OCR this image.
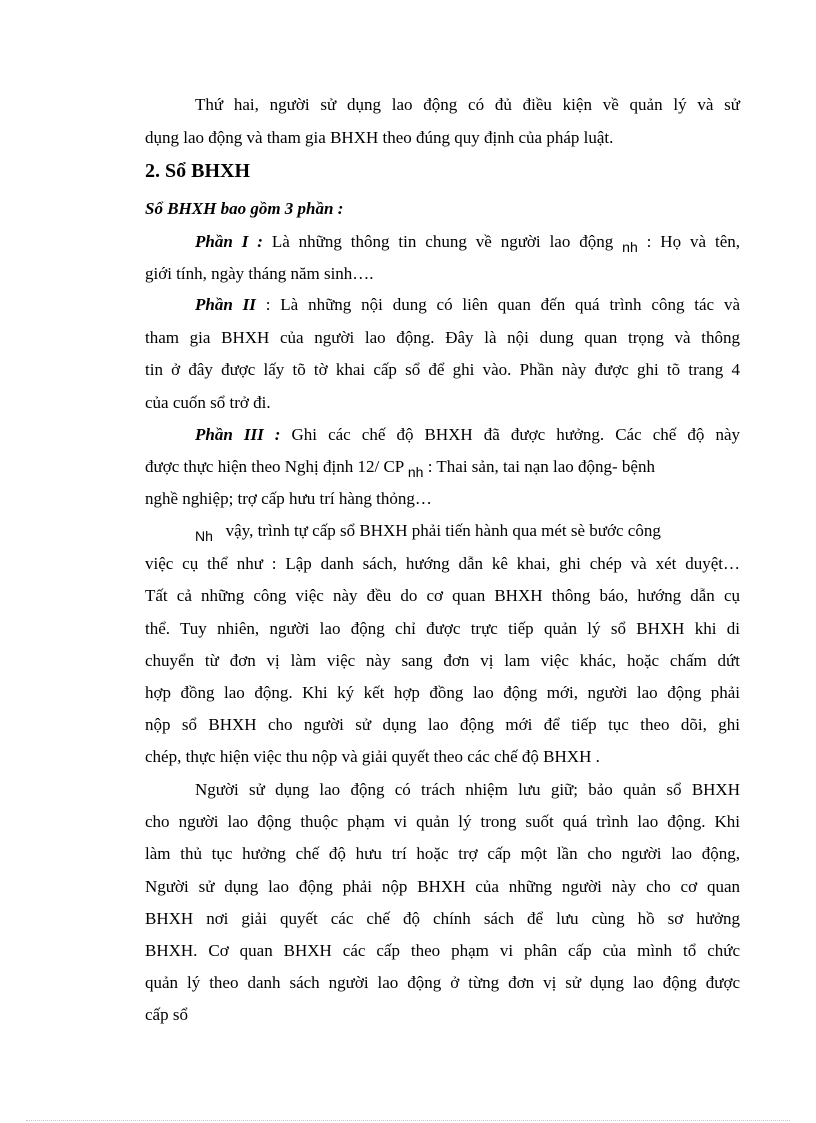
Thứ hai, người sử dụng lao động có đủ điều kiện về quản lý và sử
dụng lao động và tham gia BHXH theo đúng quy định của pháp luật.
2. Sổ BHXH
Sổ BHXH bao gồm 3 phần :
Phần I : Là những thông tin chung về người lao động $_{nh}$ : Họ và tên,
giới tính, ngày tháng năm sinh….
Phần II : Là những nội dung có liên quan đến quá trình công tác và
tham gia BHXH của người lao động. Đây là nội dung quan trọng và thông
tin ở đây được lấy tõ tờ khai cấp sổ để ghi vào. Phần này được ghi tõ trang 4
của cuốn sổ trở đi.
Phần III : Ghi các chế độ BHXH đã được hưởng. Các chế độ này
được thực hiện theo Nghị định 12/ CP $_{nh}$ : Thai sản, tai nạn lao động- bệnh
nghề nghiệp; trợ cấp hưu trí hàng thỏng…
$_{Nh}$ vậy, trình tự cấp sổ BHXH phải tiến hành qua mét sè bước công
việc cụ thể như : Lập danh sách, hướng dẫn kê khai, ghi chép và xét duyệt…
Tất cả những công việc này đều do cơ quan BHXH thông báo, hướng dẫn cụ
thể. Tuy nhiên, người lao động chỉ được trực tiếp quản lý sổ BHXH khi di
chuyển từ đơn vị làm việc này sang đơn vị lam việc khác, hoặc chấm dứt
hợp đồng lao động. Khi ký kết hợp đồng lao động mới, người lao động phải
nộp sổ BHXH cho người sử dụng lao động mới để tiếp tục theo dõi, ghi
chép, thực hiện việc thu nộp và giải quyết theo các chế độ BHXH .
Người sử dụng lao động có trách nhiệm lưu giữ; bảo quản sổ BHXH
cho người lao động thuộc phạm vi quản lý trong suốt quá trình lao động. Khi
làm thủ tục hưởng chế độ hưu trí hoặc trợ cấp một lần cho người lao động,
Người sử dụng lao động phải nộp BHXH của những người này cho cơ quan
BHXH nơi giải quyết các chế độ chính sách để lưu cùng hồ sơ hưởng
BHXH. Cơ quan BHXH các cấp theo phạm vi phân cấp của mình tổ chức
quản lý theo danh sách người lao động ở từng đơn vị sử dụng lao động được
cấp sổ
